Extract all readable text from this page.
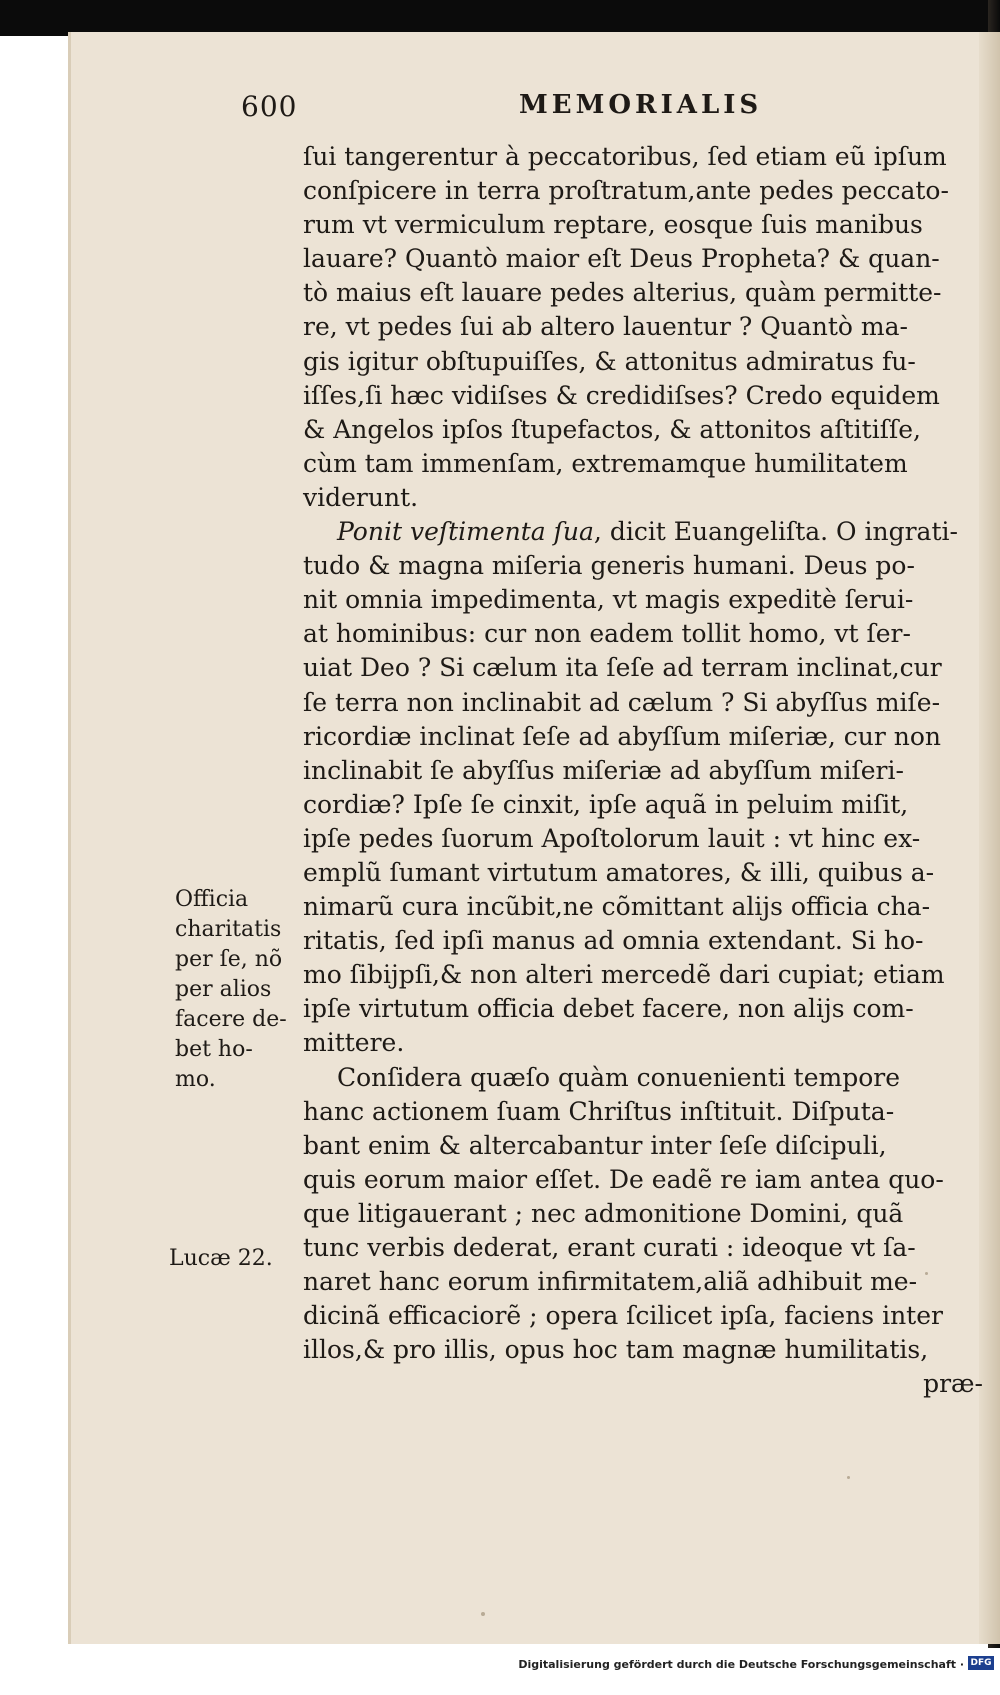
600	MEMORIALIS
ſui tangerentur à peccatoribus, ſed etiam eũ ipſum
conſpicere in terra proſtratum,ante pedes peccato-
rum vt vermiculum reptare, eosque ſuis manibus
lauare? Quantò maior eſt Deus Propheta? & quan-
tò maius eſt lauare pedes alterius, quàm permitte-
re, vt pedes ſui ab altero lauentur ? Quantò ma-
gis igitur obſtupuiſſes, & attonitus admiratus fu-
iſſes,ſi hæc vidiſses & credidiſses? Credo equidem
& Angelos ipſos ſtupefactos, & attonitos aſtitiſſe,
cùm tam immenſam, extremamque humilitatem
viderunt.
Ponit veſtimenta ſua, dicit Euangeliſta. O ingrati-
tudo & magna miſeria generis humani. Deus po-
nit omnia impedimenta, vt magis expeditè ſerui-
at hominibus: cur non eadem tollit homo, vt ſer-
uiat Deo ? Si cælum ita ſeſe ad terram inclinat,cur
ſe terra non inclinabit ad cælum ? Si abyſſus miſe-
ricordiæ inclinat ſeſe ad abyſſum miſeriæ, cur non
inclinabit ſe abyſſus miſeriæ ad abyſſum miſeri-
cordiæ? Ipſe ſe cinxit, ipſe aquã in peluim miſit,
ipſe pedes ſuorum Apoſtolorum lauit : vt hinc ex-
emplũ ſumant virtutum amatores, & illi, quibus a-
nimarũ cura incũbit,ne cõmittant alijs officia cha-
ritatis, ſed ipſi manus ad omnia extendant. Si ho-
mo ſibijpſi,& non alteri mercedẽ dari cupiat; etiam
ipſe virtutum officia debet facere, non alijs com-
mittere.
Conſidera quæſo quàm conuenienti tempore
hanc actionem ſuam Chriſtus inſtituit. Diſputa-
bant enim & altercabantur inter ſeſe diſcipuli,
quis eorum maior eſſet. De eadẽ re iam antea quo-
que litigauerant ; nec admonitione Domini, quã
tunc verbis dederat, erant curati : ideoque vt ſa-
naret hanc eorum infirmitatem,aliã adhibuit me-
dicinã efficaciorẽ ; opera ſcilicet ipſa, faciens inter
illos,& pro illis, opus hoc tam magnæ humilitatis,
præ-
Officia
charitatis
per ſe, nõ
per alios
facere de-
bet ho-
mo.
Lucæ 22.
Digitalisierung gefördert durch die Deutsche Forschungsgemeinschaft · DFG
